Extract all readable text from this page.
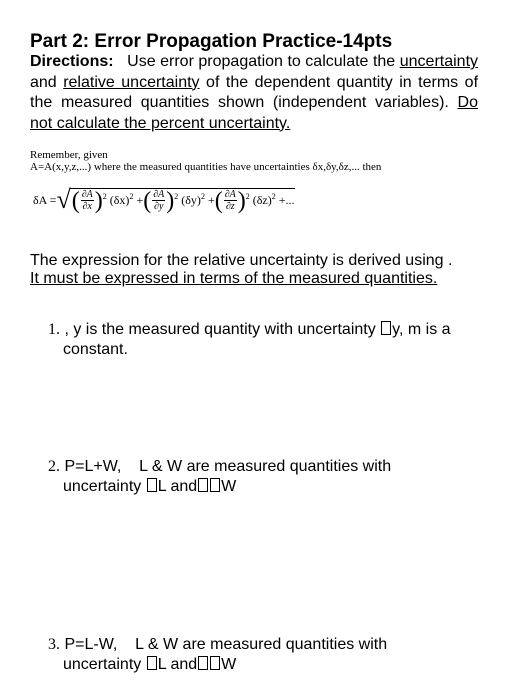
Part 2: Error Propagation Practice-14pts
Directions: Use error propagation to calculate the uncertainty and relative uncertainty of the dependent quantity in terms of the measured quantities shown (independent variables). Do not calculate the percent uncertainty.
Remember, given
A=A(x,y,z,...) where the measured quantities have uncertainties δx,δy,δz,... then
δA = √ ( $\frac{\partial A}{\partial x} )^2$
$(\delta x)^2$
+ ( $\frac{\partial A}{\partial y} )^2$
$(\delta y)^2$
+ ( $\frac{\partial A}{\partial z} )^2$
$(\delta z)^2$
+...
The expression for the relative uncertainty is derived using .
It must be expressed in terms of the measured quantities.
1. , y is the measured quantity with uncertainty y, m is a
constant.
2. P=L+W, L & W are measured quantities with
uncertainty L and W
3. P=L-W, L & W are measured quantities with
uncertainty L and W
